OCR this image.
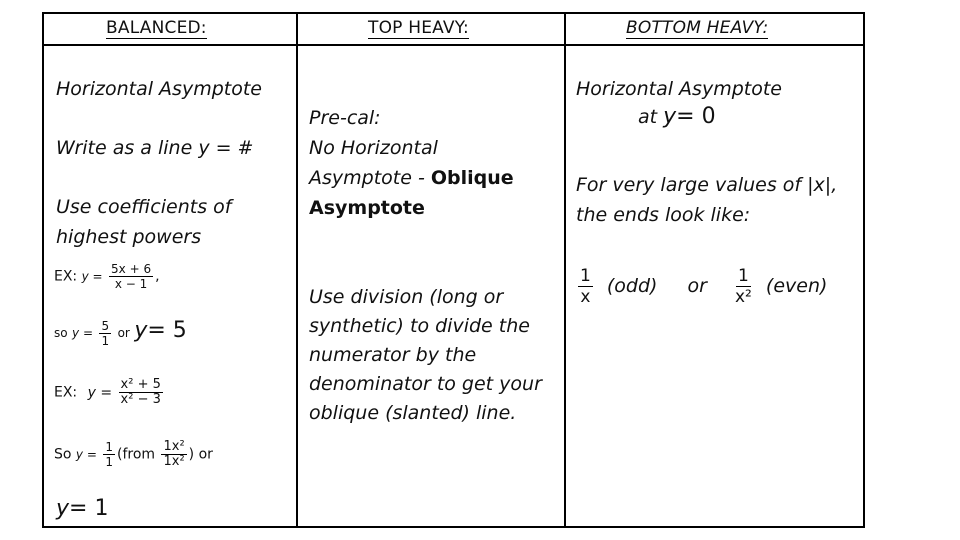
BALANCED:	TOP HEAVY:	BOTTOM HEAVY:
Horizontal Asymptote
Write as a line y = #
Use coefficients of
highest powers
EX: $y = \frac{5x + 6}{x - 1}$ ,
so $y = \frac{5}{1}$ or y= 5
EX: $y = \frac{\text{x² + 5}}{\text{x² − 3}}$
So $y = \frac{1}{1}$ (from $\frac{\text{1x²}}{\text{1x²}}$ ) or
y= 1
Pre-cal:
No Horizontal
Asymptote - Oblique
Asymptote
Use division (long or
synthetic) to divide the
numerator by the
denominator to get your
oblique (slanted) line.
Horizontal Asymptote
at y= 0
For very large values of |x|,
the ends look like:
$\frac{1}{x} (odd)$ or $\frac{1}{\text{x²}}$ (even)
